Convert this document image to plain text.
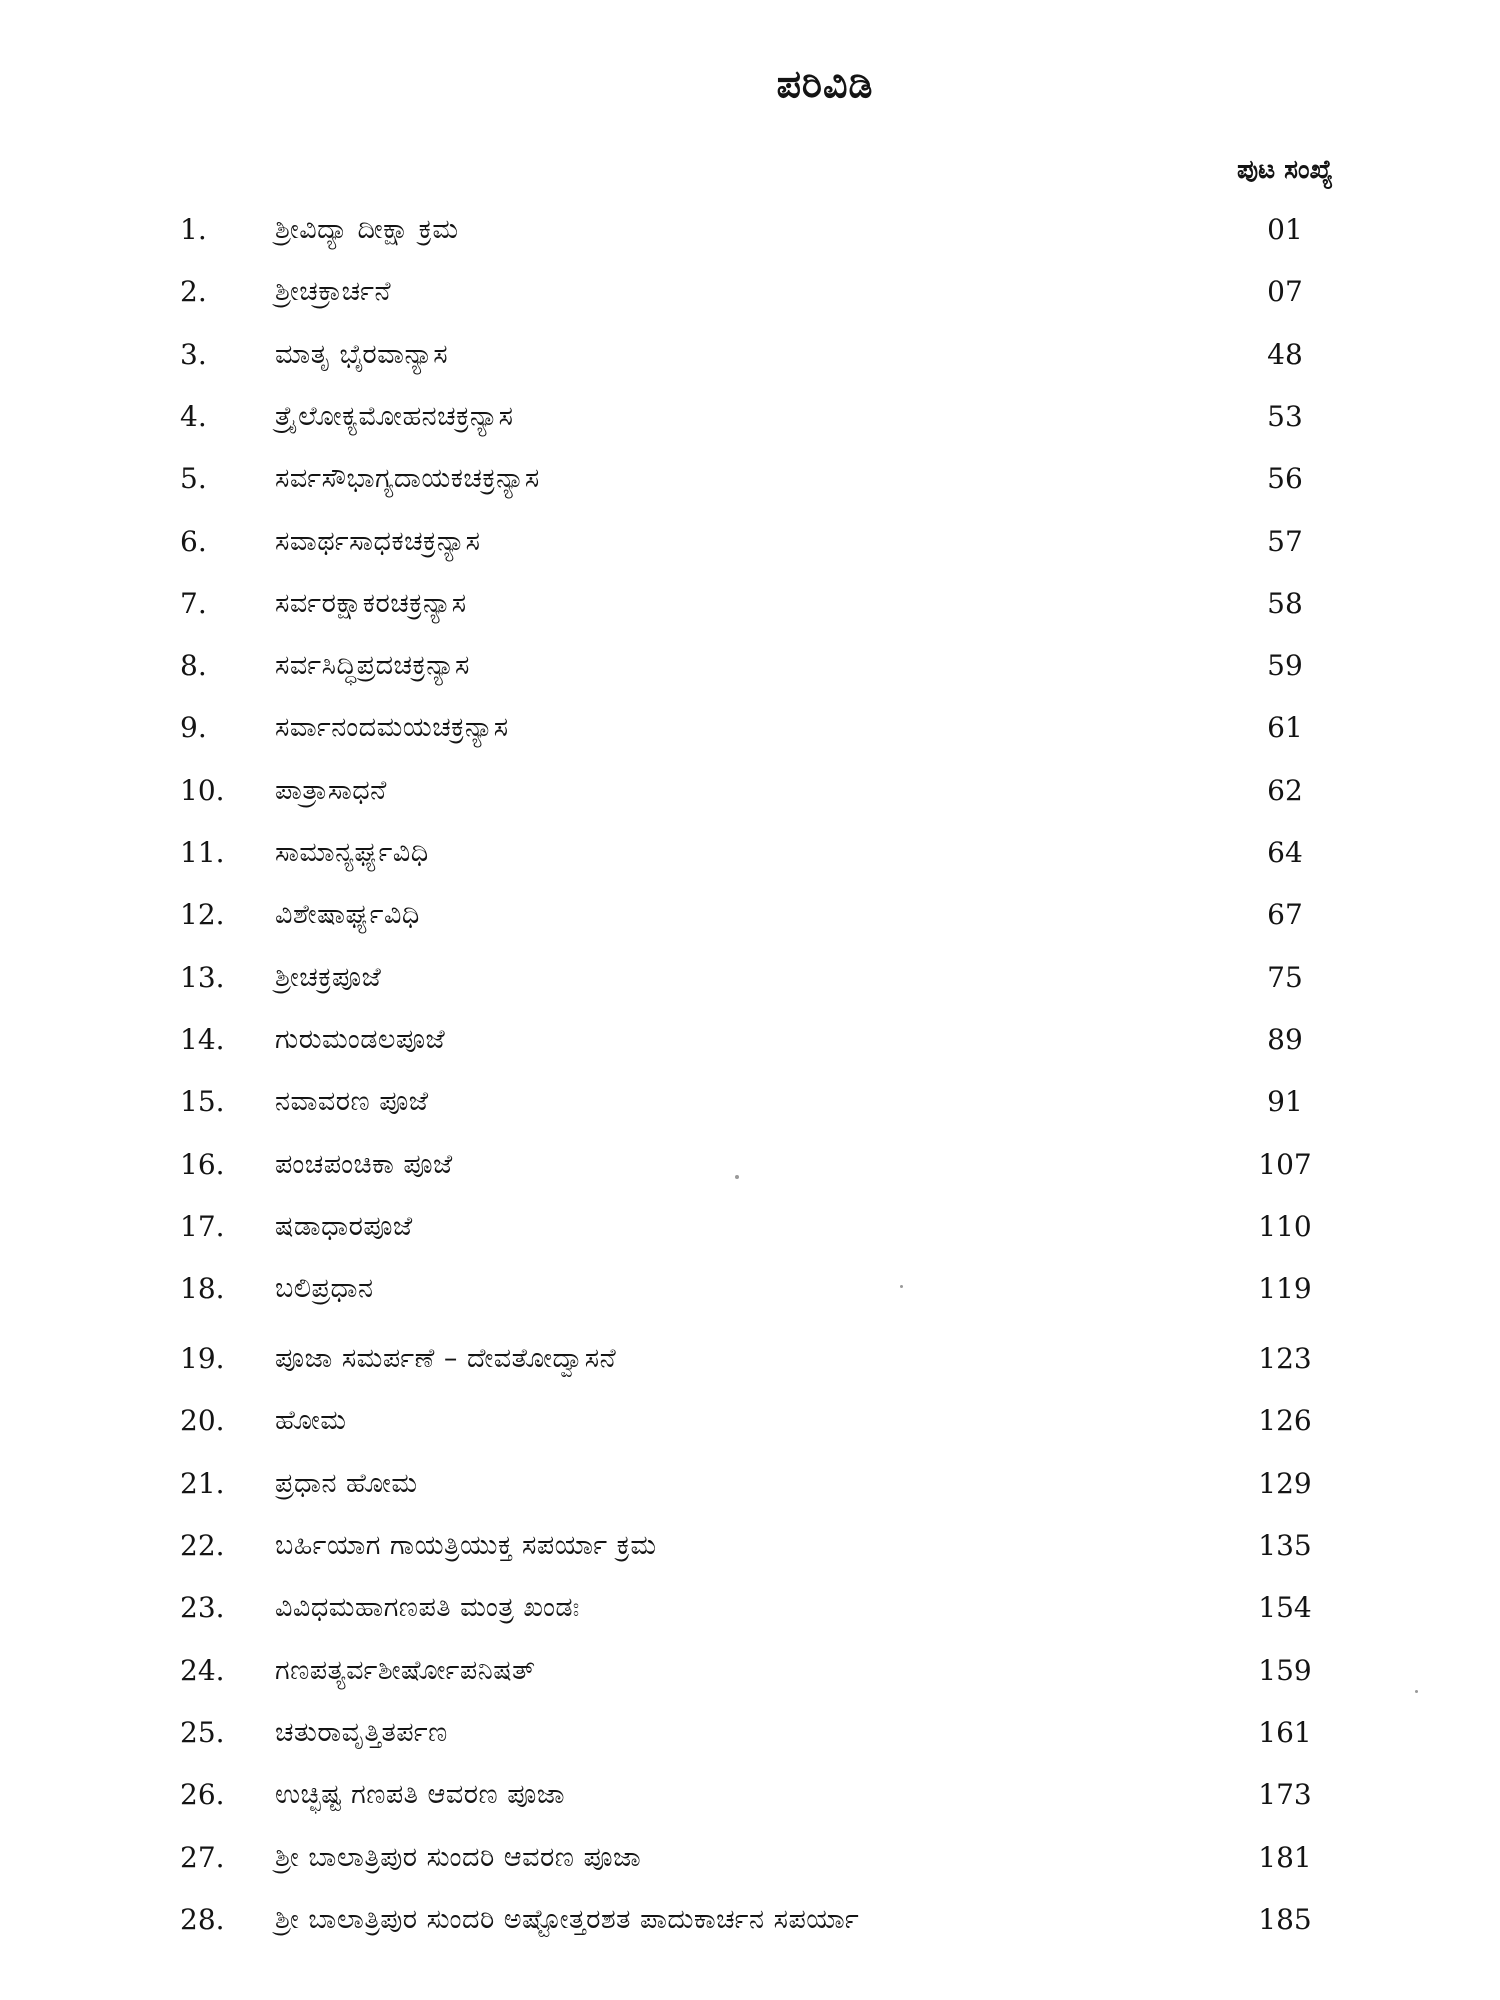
ಪರಿವಿಡಿ
ಪುಟ ಸಂಖ್ಯೆ
1.	ಶ್ರೀವಿದ್ಯಾ ದೀಕ್ಷಾ ಕ್ರಮ	01
2.	ಶ್ರೀಚಕ್ರಾರ್ಚನೆ	07
3.	ಮಾತೃ ಭೈರವಾನ್ಯಾಸ	48
4.	ತ್ರೈಲೋಕ್ಯಮೋಹನಚಕ್ರನ್ಯಾಸ	53
5.	ಸರ್ವಸೌಭಾಗ್ಯದಾಯಕಚಕ್ರನ್ಯಾಸ	56
6.	ಸವಾರ್ಥಸಾಧಕಚಕ್ರನ್ಯಾಸ	57
7.	ಸರ್ವರಕ್ಷಾಕರಚಕ್ರನ್ಯಾಸ	58
8.	ಸರ್ವಸಿದ್ಧಿಪ್ರದಚಕ್ರನ್ಯಾಸ	59
9.	ಸರ್ವಾನಂದಮಯಚಕ್ರನ್ಯಾಸ	61
10.	ಪಾತ್ರಾಸಾಧನೆ	62
11.	ಸಾಮಾನ್ಯರ್ಘ್ಯವಿಧಿ	64
12.	ವಿಶೇಷಾರ್ಘ್ಯವಿಧಿ	67
13.	ಶ್ರೀಚಕ್ರಪೂಜೆ	75
14.	ಗುರುಮಂಡಲಪೂಜೆ	89
15.	ನವಾವರಣ ಪೂಜೆ	91
16.	ಪಂಚಪಂಚಿಕಾ ಪೂಜೆ	107
17.	ಷಡಾಧಾರಪೂಜೆ	110
18.	ಬಲಿಪ್ರಧಾನ	119
19.	ಪೂಜಾ ಸಮರ್ಪಣೆ – ದೇವತೋದ್ವಾಸನೆ	123
20.	ಹೋಮ	126
21.	ಪ್ರಧಾನ ಹೋಮ	129
22.	ಬರ್ಹಿಯಾಗ ಗಾಯತ್ರಿಯುಕ್ತ ಸಪರ್ಯಾ ಕ್ರಮ	135
23.	ವಿವಿಧಮಹಾಗಣಪತಿ ಮಂತ್ರ ಖಂಡಃ	154
24.	ಗಣಪತ್ಯರ್ವಶೀರ್ಷೋಪನಿಷತ್	159
25.	ಚತುರಾವೃತ್ತಿತರ್ಪಣ	161
26.	ಉಚ್ಛಿಷ್ಟ ಗಣಪತಿ ಆವರಣ ಪೂಜಾ	173
27.	ಶ್ರೀ ಬಾಲಾತ್ರಿಪುರ ಸುಂದರಿ ಆವರಣ ಪೂಜಾ	181
28.	ಶ್ರೀ ಬಾಲಾತ್ರಿಪುರ ಸುಂದರಿ ಅಷ್ಟೋತ್ತರಶತ ಪಾದುಕಾರ್ಚನ ಸಪರ್ಯಾ	185
